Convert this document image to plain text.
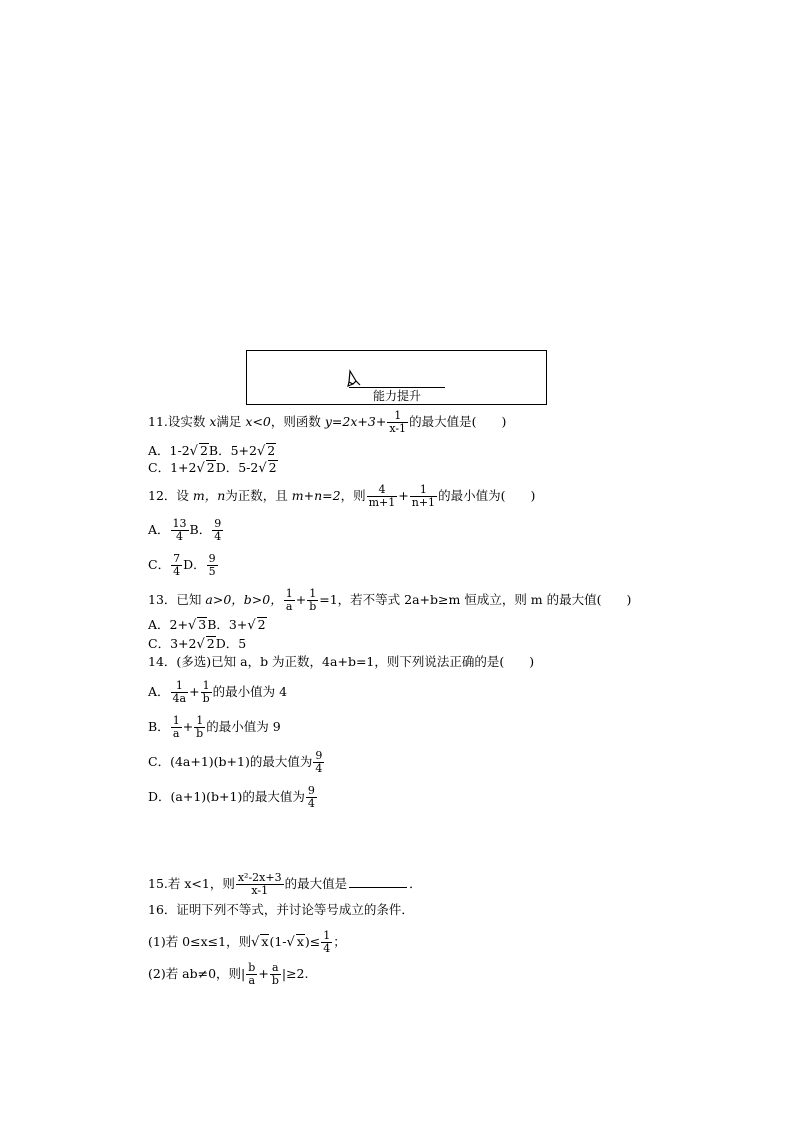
能力提升
11.设实数 x满足 x<0，则函数 $y=2x+3+ \frac{1}{x-1}$ 的最大值是(　　)
A．1-2√ 2B．5+2√ 2
C．1+2√ 2D．5-2√ 2
12．设 m，n为正数，且 m+n=2，则 $\frac{4}{m+1} + \frac{1}{n+1}$ 的最小值为(　　)
A． $\frac{13}{4}$ B． $\frac{9}{4}$
C． $\frac{7}{4}$ D． $\frac{9}{5}$
13．已知 a>0，b>0， $\frac{1}{a} + \frac{1}{b} =1$，若不等式 2a+b≥m 恒成立，则 m 的最大值(　　)
A．2+√ 3B．3+√ 2
C．3+2√ 2D．5
14．(多选)已知 a，b 为正数，4a+b=1，则下列说法正确的是(　　)
A． $\frac{1}{4a} + \frac{1}{b}$ 的最小值为 4
B． $\frac{1}{a} + \frac{1}{b}$ 的最小值为 9
C．(4a+1)(b+1)的最大值为 $\frac{9}{4}$
D．(a+1)(b+1)的最大值为 $\frac{9}{4}$
15.若 x<1，则 $\frac{\text{x²-2x+3}}{x-1}$ 的最大值是	．
16．证明下列不等式，并讨论等号成立的条件．
(1)若 0≤x≤1，则√ x(1-√ $x)\le \frac{1}{4}$ ；
(2)若 ab≠0，则| $\frac{b}{a} + \frac{a}{b} |\ge 2$.
